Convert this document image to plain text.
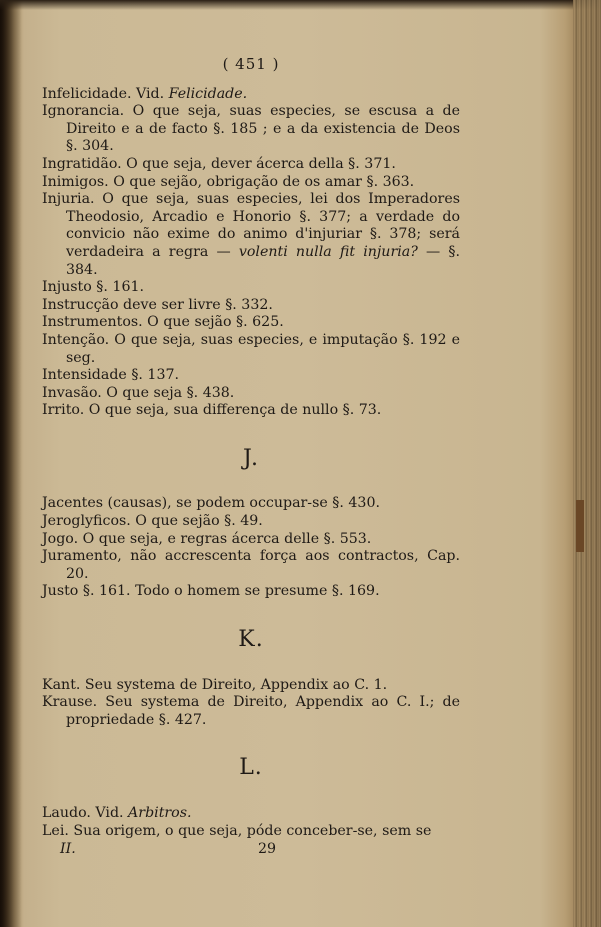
( 451 )

Infelicidade. Vid. Felicidade.

Ignorancia. O que seja, suas especies, se escusa a de Direito e a de facto §. 185 ; e a da existencia de Deos §. 304.

Ingratidão. O que seja, dever ácerca della §. 371.

Inimigos. O que sejão, obrigação de os amar §. 363.

Injuria. O que seja, suas especies, lei dos Imperadores Theodosio, Arcadio e Honorio §. 377; a verdade do convicio não exime do animo d'injuriar §. 378; será verdadeira a regra — volenti nulla fit injuria? — §. 384.

Injusto §. 161.

Instrucção deve ser livre §. 332.

Instrumentos. O que sejão §. 625.

Intenção. O que seja, suas especies, e imputação §. 192 e seg.

Intensidade §. 137.

Invasão. O que seja §. 438.

Irrito. O que seja, sua differença de nullo §. 73.

J.

Jacentes (causas), se podem occupar-se §. 430.

Jeroglyficos. O que sejão §. 49.

Jogo. O que seja, e regras ácerca delle §. 553.

Juramento, não accrescenta força aos contractos, Cap. 20.

Justo §. 161. Todo o homem se presume §. 169.

K.

Kant. Seu systema de Direito, Appendix ao C. 1.

Krause. Seu systema de Direito, Appendix ao C. I.; de propriedade §. 427.

L.

Laudo. Vid. Arbitros.

Lei. Sua origem, o que seja, póde conceber-se, sem se

II.	29
